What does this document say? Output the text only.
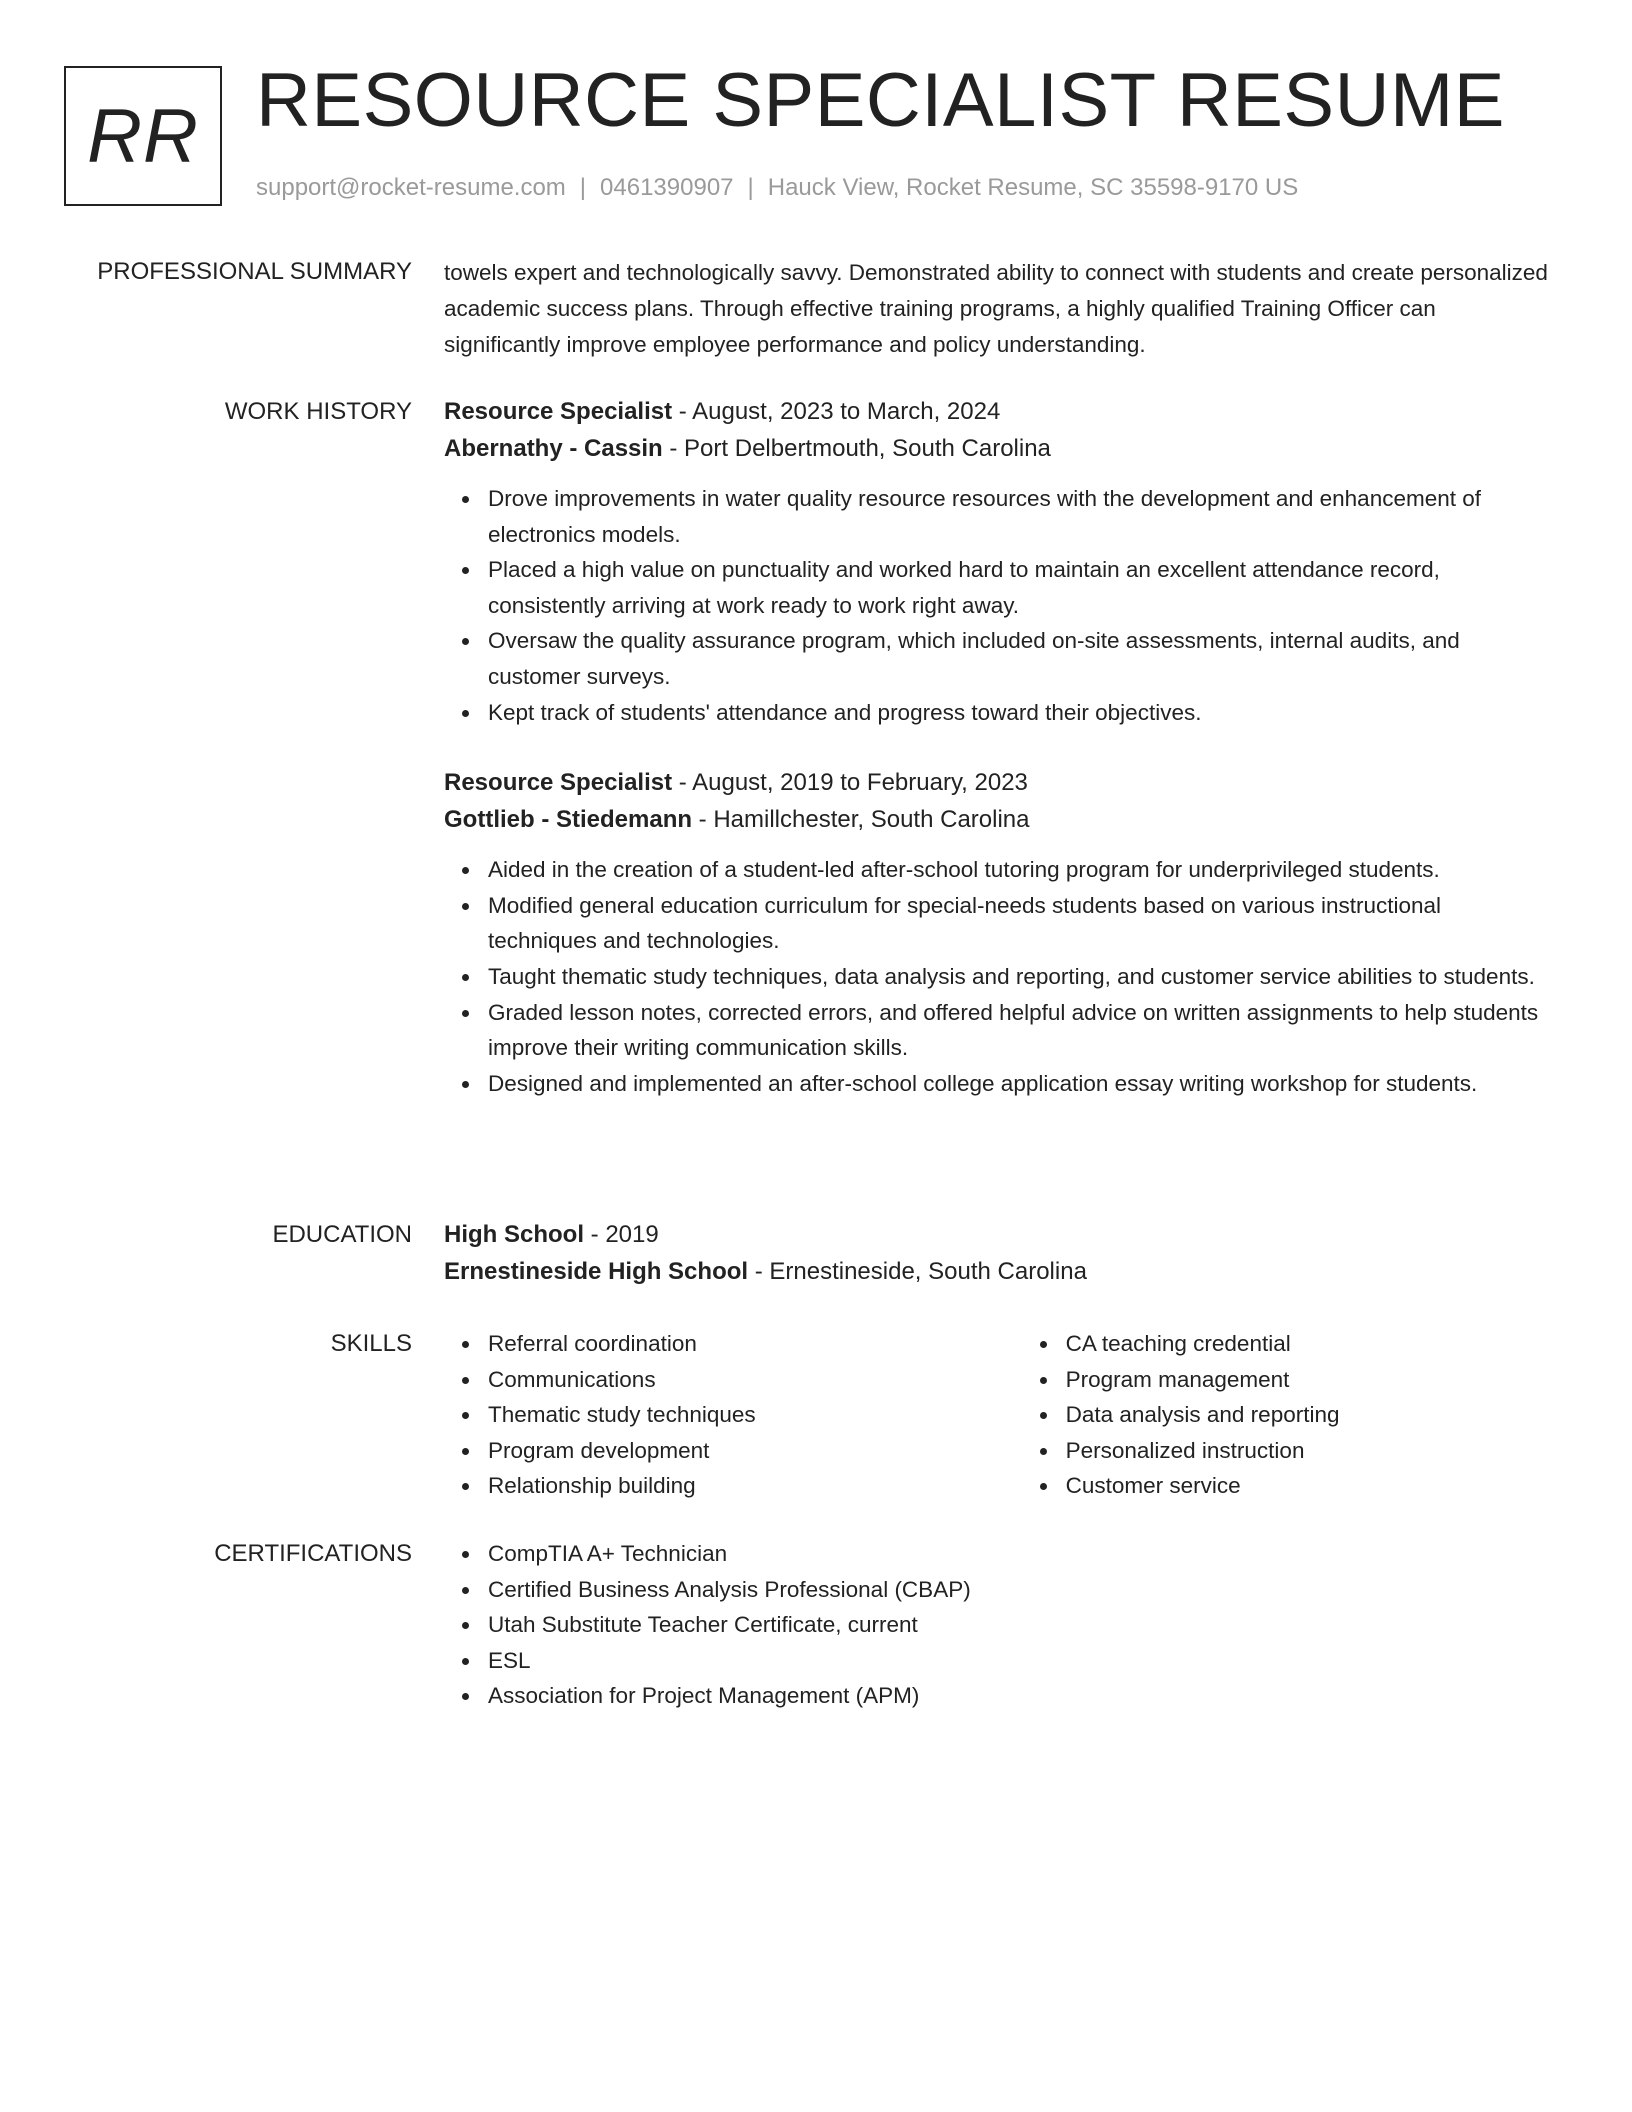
RR RESOURCE SPECIALIST RESUME
support@rocket-resume.com | 0461390907 | Hauck View, Rocket Resume, SC 35598-9170 US
PROFESSIONAL SUMMARY towels expert and technologically savvy. Demonstrated ability to connect with students and create personalized academic success plans. Through effective training programs, a highly qualified Training Officer can significantly improve employee performance and policy understanding.
WORK HISTORY Resource Specialist - August, 2023 to March, 2024
Abernathy - Cassin - Port Delbertmouth, South Carolina
Drove improvements in water quality resource resources with the development and enhancement of electronics models.
Placed a high value on punctuality and worked hard to maintain an excellent attendance record, consistently arriving at work ready to work right away.
Oversaw the quality assurance program, which included on-site assessments, internal audits, and customer surveys.
Kept track of students' attendance and progress toward their objectives.
Resource Specialist - August, 2019 to February, 2023
Gottlieb - Stiedemann - Hamillchester, South Carolina
Aided in the creation of a student-led after-school tutoring program for underprivileged students.
Modified general education curriculum for special-needs students based on various instructional techniques and technologies.
Taught thematic study techniques, data analysis and reporting, and customer service abilities to students.
Graded lesson notes, corrected errors, and offered helpful advice on written assignments to help students improve their writing communication skills.
Designed and implemented an after-school college application essay writing workshop for students.
EDUCATION High School - 2019
Ernestineside High School - Ernestineside, South Carolina
SKILLS	Referral coordination
Communications
Thematic study techniques
Program development
Relationship building
CA teaching credential
Program management
Data analysis and reporting
Personalized instruction
Customer service
CERTIFICATIONS	CompTIA A+ Technician
Certified Business Analysis Professional (CBAP)
Utah Substitute Teacher Certificate, current
ESL
Association for Project Management (APM)
